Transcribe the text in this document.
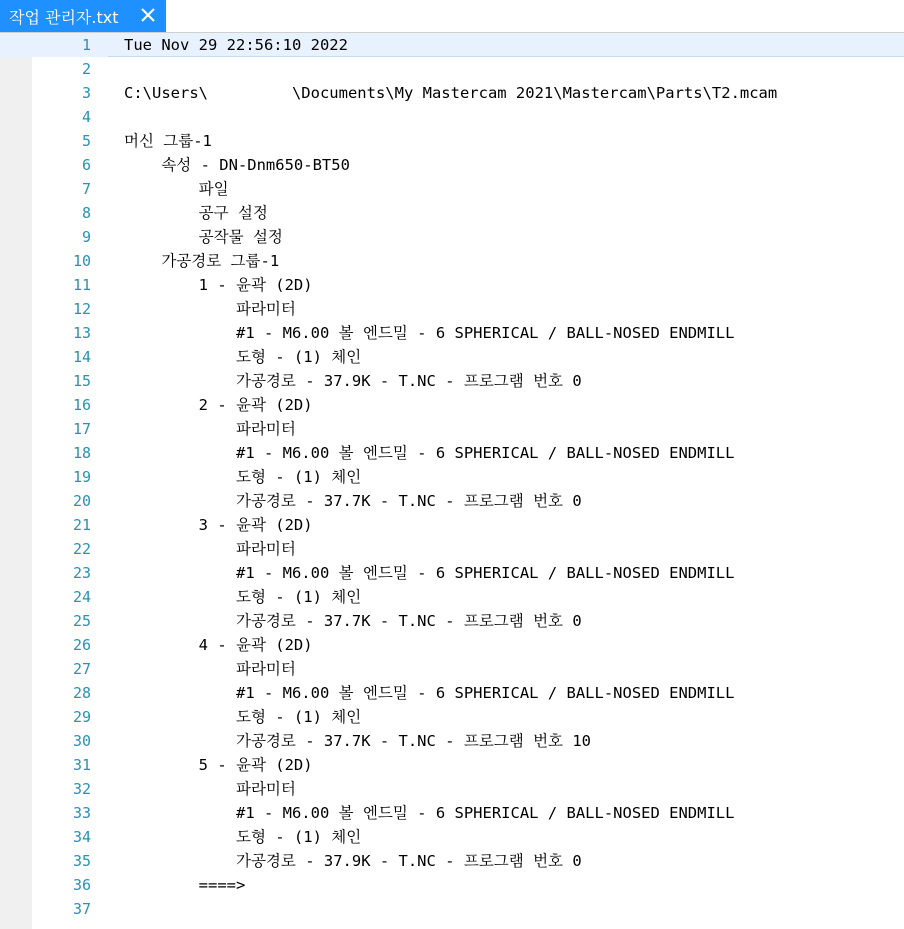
작업 관리자.txt
1 Tue Nov 29 22:56:10 2022
2
3 C:\Users\         \Documents\My Mastercam 2021\Mastercam\Parts\T2.mcam
4
5 머신 그룹-1
6 속성 - DN-Dnm650-BT50
7 파일
8 공구 설정
9 공작물 설정
10 가공경로 그룹-1
11 1 - 윤곽 (2D)
12 파라미터
13 #1 - M6.00 볼 엔드밀 - 6 SPHERICAL / BALL-NOSED ENDMILL
14 도형 - (1) 체인
15 가공경로 - 37.9K - T.NC - 프로그램 번호 0
16 2 - 윤곽 (2D)
17 파라미터
18 #1 - M6.00 볼 엔드밀 - 6 SPHERICAL / BALL-NOSED ENDMILL
19 도형 - (1) 체인
20 가공경로 - 37.7K - T.NC - 프로그램 번호 0
21 3 - 윤곽 (2D)
22 파라미터
23 #1 - M6.00 볼 엔드밀 - 6 SPHERICAL / BALL-NOSED ENDMILL
24 도형 - (1) 체인
25 가공경로 - 37.7K - T.NC - 프로그램 번호 0
26 4 - 윤곽 (2D)
27 파라미터
28 #1 - M6.00 볼 엔드밀 - 6 SPHERICAL / BALL-NOSED ENDMILL
29 도형 - (1) 체인
30 가공경로 - 37.7K - T.NC - 프로그램 번호 10
31 5 - 윤곽 (2D)
32 파라미터
33 #1 - M6.00 볼 엔드밀 - 6 SPHERICAL / BALL-NOSED ENDMILL
34 도형 - (1) 체인
35 가공경로 - 37.9K - T.NC - 프로그램 번호 0
36 ====>
37
